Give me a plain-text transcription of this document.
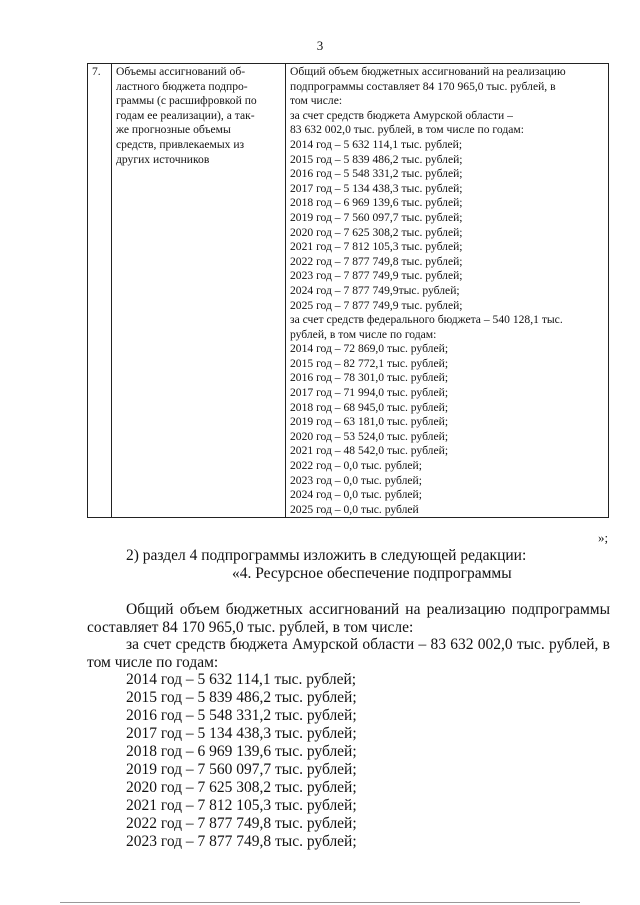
3
7.	Объемы ассигнований об-
ластного бюджета подпро-
граммы (с расшифровкой по
годам ее реализации), а так-
же прогнозные объемы
средств, привлекаемых из
других источников

Общий объем бюджетных ассигнований на реализацию
подпрограммы составляет 84 170 965,0 тыс. рублей, в
том числе:
за счет средств бюджета Амурской области –
83 632 002,0 тыс. рублей, в том числе по годам:
2014 год – 5 632 114,1 тыс. рублей;
2015 год – 5 839 486,2 тыс. рублей;
2016 год – 5 548 331,2 тыс. рублей;
2017 год – 5 134 438,3 тыс. рублей;
2018 год – 6 969 139,6 тыс. рублей;
2019 год – 7 560 097,7 тыс. рублей;
2020 год – 7 625 308,2 тыс. рублей;
2021 год – 7 812 105,3 тыс. рублей;
2022 год – 7 877 749,8 тыс. рублей;
2023 год – 7 877 749,9 тыс. рублей;
2024 год – 7 877 749,9тыс. рублей;
2025 год – 7 877 749,9 тыс. рублей;
за счет средств федерального бюджета – 540 128,1 тыс.
рублей, в том числе по годам:
2014 год – 72 869,0 тыс. рублей;
2015 год – 82 772,1 тыс. рублей;
2016 год – 78 301,0 тыс. рублей;
2017 год – 71 994,0 тыс. рублей;
2018 год – 68 945,0 тыс. рублей;
2019 год – 63 181,0 тыс. рублей;
2020 год – 53 524,0 тыс. рублей;
2021 год – 48 542,0 тыс. рублей;
2022 год – 0,0 тыс. рублей;
2023 год – 0,0 тыс. рублей;
2024 год – 0,0 тыс. рублей;
2025 год – 0,0 тыс. рублей
»;
2) раздел 4 подпрограммы изложить в следующей редакции:
«4. Ресурсное обеспечение подпрограммы
Общий объем бюджетных ассигнований на реализацию подпрограммы
составляет 84 170 965,0 тыс. рублей, в том числе:
за счет средств бюджета Амурской области – 83 632 002,0 тыс. рублей, в
том числе по годам:
2014 год – 5 632 114,1 тыс. рублей;
2015 год – 5 839 486,2 тыс. рублей;
2016 год – 5 548 331,2 тыс. рублей;
2017 год – 5 134 438,3 тыс. рублей;
2018 год – 6 969 139,6 тыс. рублей;
2019 год – 7 560 097,7 тыс. рублей;
2020 год – 7 625 308,2 тыс. рублей;
2021 год – 7 812 105,3 тыс. рублей;
2022 год – 7 877 749,8 тыс. рублей;
2023 год – 7 877 749,8 тыс. рублей;
